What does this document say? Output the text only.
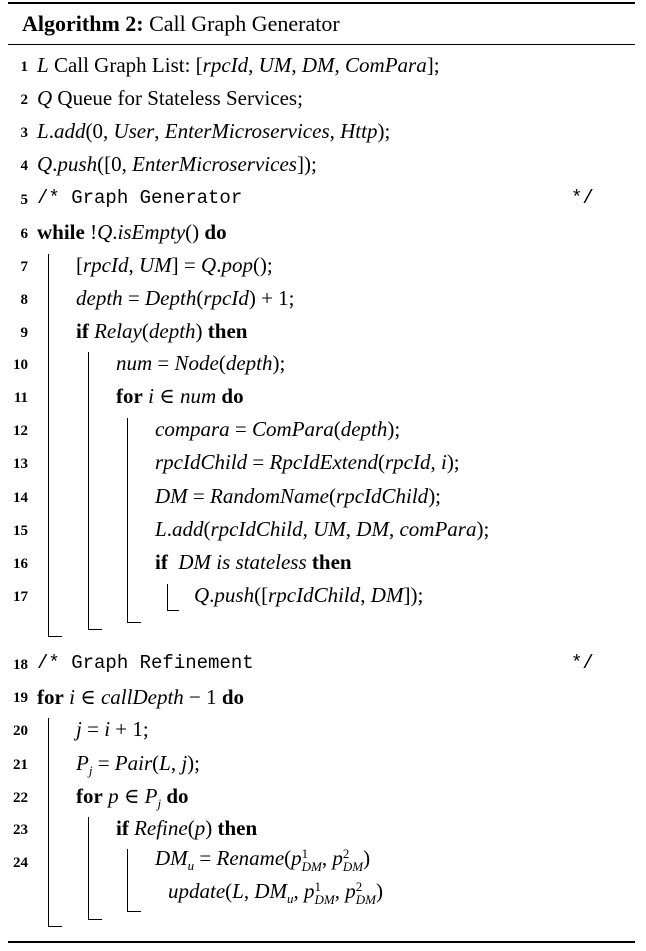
Algorithm 2: Call Graph Generator
1
2
3
4
5
6
7
8
9
10
11
12
13
14
15
16
17
18
19
20
21
22
23
24
L Call Graph List: [rpcId, UM, DM, ComPara];
Q Queue for Stateless Services;
L.add(0, User, EnterMicroservices, Http);
Q.push([0, EnterMicroservices]);
/* Graph Generator	*/
while !Q.isEmpty() do
[rpcId, UM] = Q.pop();
depth = Depth(rpcId) + 1;
if Relay(depth) then
num = Node(depth);
for i ∈ num do
compara = ComPara(depth);
rpcIdChild = RpcIdExtend(rpcId, i);
DM = RandomName(rpcIdChild);
L.add(rpcIdChild, UM, DM, comPara);
if DM is stateless then
Q.push([rpcIdChild, DM]);
/* Graph Refinement	*/
for i ∈ callDepth − 1 do
j = i + 1;
$P_j$ = Pair(L, j);
for p ∈ $P_j$ do
if Refine(p) then
$DM_u$ = Rename(p1
DM, p2
DM)
update(L, $DM_u$, p1
DM, p2
DM)
